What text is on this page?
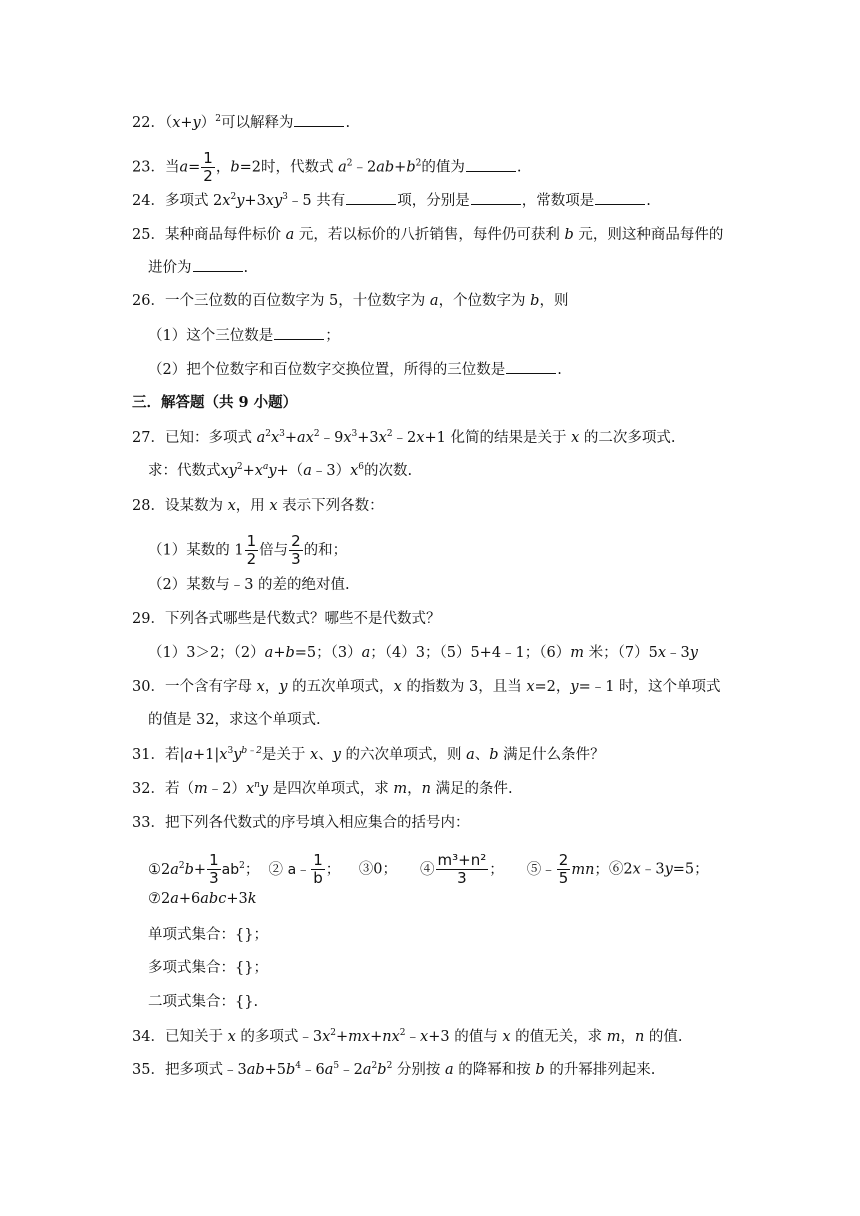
22．$(x+y)^2$可以解释为	.
23．当$a= \frac{1}{2}$ ，b=2时，代数式 $a^2﹣2ab+b^2$的值为	.
24．多项式 $2x^2y+3xy^3﹣5$ 共有	项，分别是	，常数项是	.
25．某种商品每件标价 a 元，若以标价的八折销售，每件仍可获利 b 元，则这种商品每件的
进价为	.
26．一个三位数的百位数字为 5，十位数字为 a，个位数字为 b，则
（1）这个三位数是	；
（2）把个位数字和百位数字交换位置，所得的三位数是	.
三．解答题（共 9 小题）
27．已知：多项式 $a^2x^3+ax^2﹣9x^3+3x^2﹣2x+1$ 化简的结果是关于 x 的二次多项式.
求：代数式$xy^2+x^ay+(a﹣3)x^6$的次数.
28．设某数为 x，用 x 表示下列各数：
（1）某数的 $1 \frac{1}{2}$ 倍与 $\frac{2}{3}$ 的和；
（2）某数与﹣3 的差的绝对值.
29．下列各式哪些是代数式？哪些不是代数式？
（1）3＞2；（2）a+b=5；（3）a；（4）3；（5）5+4﹣1；（6）m 米；（7）5x﹣3y
30．一个含有字母 x，y 的五次单项式，x 的指数为 3，且当 x=2，y=﹣1 时，这个单项式
的值是 32，求这个单项式.
31．若$|a+1|x^3y^{b﹣2}$是关于 x、y 的六次单项式，则 a、b 满足什么条件？
32．若$(m﹣2)x^ny$ 是四次单项式，求 m，n 满足的条件.
33．把下列各代数式的序号填入相应集合的括号内：
$①2a^2b+ \frac{1}{3} ab^2$； ② a﹣ $\frac{1}{b}$ ； ③0； ④ $\frac{\text{m³+n²}}{3}$ ； ⑤﹣ $\frac{2}{5}$ mn；⑥2x﹣3y=5；
⑦2a+6abc+3k
单项式集合：{}；
多项式集合：{}；
二项式集合：{}.
34．已知关于 x 的多项式$﹣3x^2+mx+nx^2﹣x+3$ 的值与 x 的值无关，求 m，n 的值.
35．把多项式$﹣3ab+5b^4﹣6a^5﹣2a^2b^2$ 分别按 a 的降幂和按 b 的升幂排列起来.
